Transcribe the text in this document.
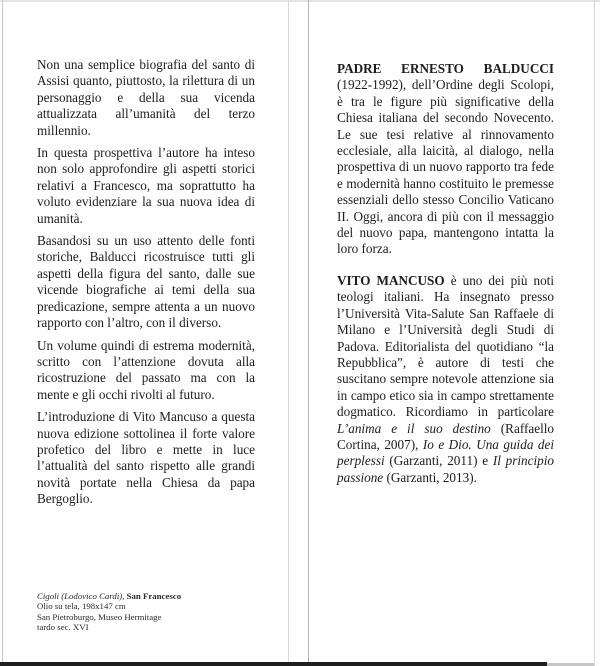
Non una semplice biografia del santo di Assisi quanto, piuttosto, la rilettura di un personaggio e della sua vicenda attualizzata all’umanità del terzo millennio.

In questa prospettiva l’autore ha inteso non solo approfondire gli aspetti storici relativi a Francesco, ma soprattutto ha voluto evidenziare la sua nuova idea di umanità.

Basandosi su un uso attento delle fonti storiche, Balducci ricostruisce tutti gli aspetti della figura del santo, dalle sue vicende biografiche ai temi della sua predicazione, sempre attenta a un nuovo rapporto con l’altro, con il diverso.

Un volume quindi di estrema modernità, scritto con l’attenzione dovuta alla ricostruzione del passato ma con la mente e gli occhi rivolti al futuro.

L’introduzione di Vito Mancuso a questa nuova edizione sottolinea il forte valore profetico del libro e mette in luce l’attualità del santo rispetto alle grandi novità portate nella Chiesa da papa Bergoglio.

Cigoli (Lodovico Cardi), San Francesco
Olio su tela, 198x147 cm
San Pietroburgo, Museo Hermitage
tardo sec. XVI

PADRE ERNESTO BALDUCCI (1922-1992), dell’Ordine degli Scolopi, è tra le figure più significative della Chiesa italiana del secondo Novecento. Le sue tesi relative al rinnovamento ecclesiale, alla laicità, al dialogo, nella prospettiva di un nuovo rapporto tra fede e modernità hanno costituito le premesse essenziali dello stesso Concilio Vaticano II. Oggi, ancora di più con il messaggio del nuovo papa, mantengono intatta la loro forza.

VITO MANCUSO è uno dei più noti teologi italiani. Ha insegnato presso l’Università Vita-Salute San Raffaele di Milano e l’Università degli Studi di Padova. Editorialista del quotidiano “la Repubblica”, è autore di testi che suscitano sempre notevole attenzione sia in campo etico sia in campo strettamente dogmatico. Ricordiamo in particolare L’anima e il suo destino (Raffaello Cortina, 2007), Io e Dio. Una guida dei perplessi (Garzanti, 2011) e Il principio passione (Garzanti, 2013).
